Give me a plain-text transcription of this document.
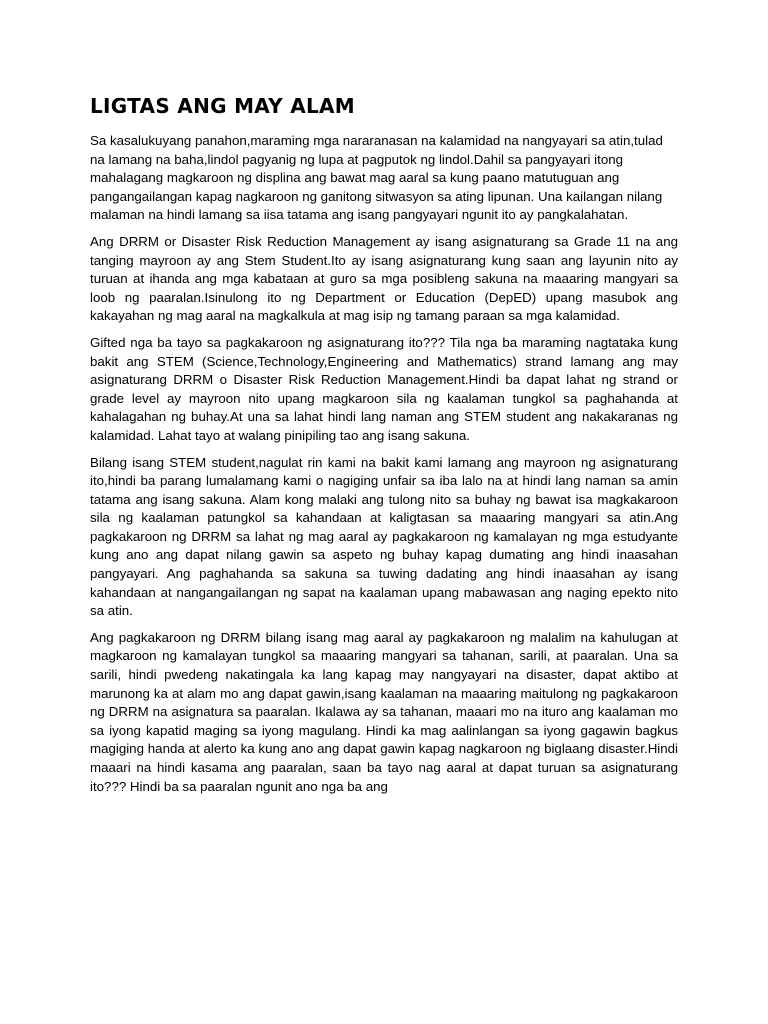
LIGTAS ANG MAY ALAM

Sa kasalukuyang panahon,maraming mga nararanasan na kalamidad na nangyayari sa atin,tulad na lamang na baha,lindol pagyanig ng lupa at pagputok ng lindol.Dahil sa pangyayari itong mahalagang magkaroon ng displina ang bawat mag aaral sa kung paano matutuguan ang pangangailangan kapag nagkaroon ng ganitong sitwasyon sa ating lipunan. Una kailangan nilang malaman na hindi lamang sa iisa tatama ang isang pangyayari ngunit ito ay pangkalahatan.

Ang DRRM or Disaster Risk Reduction Management ay isang asignaturang sa Grade 11 na ang tanging mayroon ay ang Stem Student.Ito ay isang asignaturang kung saan ang layunin nito ay turuan at ihanda ang mga kabataan at guro sa mga posibleng sakuna na maaaring mangyari sa loob ng paaralan.Isinulong ito ng Department or Education (DepED) upang masubok ang kakayahan ng mag aaral na magkalkula at mag isip ng tamang paraan sa mga kalamidad.

Gifted nga ba tayo sa pagkakaroon ng asignaturang ito??? Tila nga ba maraming nagtataka kung bakit ang STEM (Science,Technology,Engineering and Mathematics) strand lamang ang may asignaturang DRRM o Disaster Risk Reduction Management.Hindi ba dapat lahat ng strand or grade level ay mayroon nito upang magkaroon sila ng kaalaman tungkol sa paghahanda at kahalagahan ng buhay.At una sa lahat hindi lang naman ang STEM student ang nakakaranas ng kalamidad. Lahat tayo at walang pinipiling tao ang isang sakuna.

Bilang isang STEM student,nagulat rin kami na bakit kami lamang ang mayroon ng asignaturang ito,hindi ba parang lumalamang kami o nagiging unfair sa iba lalo na at hindi lang naman sa amin tatama ang isang sakuna. Alam kong malaki ang tulong nito sa buhay ng bawat isa magkakaroon sila ng kaalaman patungkol sa kahandaan at kaligtasan sa maaaring mangyari sa atin.Ang pagkakaroon ng DRRM sa lahat ng mag aaral ay pagkakaroon ng kamalayan ng mga estudyante kung ano ang dapat nilang gawin sa aspeto ng buhay kapag dumating ang hindi inaasahan pangyayari. Ang paghahanda sa sakuna sa tuwing dadating ang hindi inaasahan ay isang kahandaan at nangangailangan ng sapat na kaalaman upang mabawasan ang naging epekto nito sa atin.

Ang pagkakaroon ng DRRM bilang isang mag aaral ay pagkakaroon ng malalim na kahulugan at magkaroon ng kamalayan tungkol sa maaaring mangyari sa tahanan, sarili, at paaralan. Una sa sarili, hindi pwedeng nakatingala ka lang kapag may nangyayari na disaster, dapat aktibo at marunong ka at alam mo ang dapat gawin,isang kaalaman na maaaring maitulong ng pagkakaroon ng DRRM na asignatura sa paaralan. Ikalawa ay sa tahanan, maaari mo na ituro ang kaalaman mo sa iyong kapatid maging sa iyong magulang. Hindi ka mag aalinlangan sa iyong gagawin bagkus magiging handa at alerto ka kung ano ang dapat gawin kapag nagkaroon ng biglaang disaster.Hindi maaari na hindi kasama ang paaralan, saan ba tayo nag aaral at dapat turuan sa asignaturang ito??? Hindi ba sa paaralan ngunit ano nga ba ang
